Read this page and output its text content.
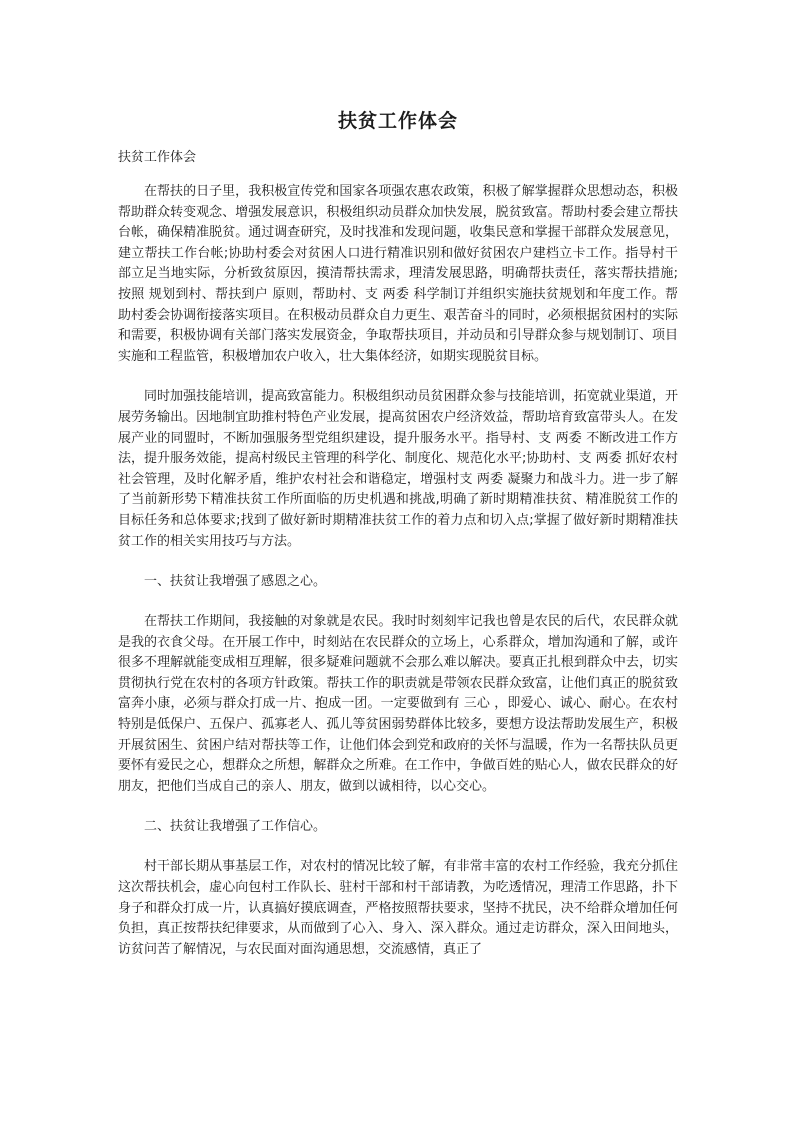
扶贫工作体会
扶贫工作体会

在帮扶的日子里，我积极宣传党和国家各项强农惠农政策，积极了解掌握群众思想动态，积极帮助群众转变观念、增强发展意识，积极组织动员群众加快发展，脱贫致富。帮助村委会建立帮扶台帐，确保精准脱贫。通过调查研究，及时找准和发现问题，收集民意和掌握干部群众发展意见，建立帮扶工作台帐;协助村委会对贫困人口进行精准识别和做好贫困农户建档立卡工作。指导村干部立足当地实际，分析致贫原因，摸清帮扶需求，理清发展思路，明确帮扶责任，落实帮扶措施;按照 规划到村、帮扶到户 原则，帮助村、支 两委 科学制订并组织实施扶贫规划和年度工作。帮助村委会协调衔接落实项目。在积极动员群众自力更生、艰苦奋斗的同时，必须根据贫困村的实际和需要，积极协调有关部门落实发展资金，争取帮扶项目，并动员和引导群众参与规划制订、项目实施和工程监管，积极增加农户收入，壮大集体经济，如期实现脱贫目标。

同时加强技能培训，提高致富能力。积极组织动员贫困群众参与技能培训，拓宽就业渠道，开展劳务输出。因地制宜助推村特色产业发展，提高贫困农户经济效益，帮助培育致富带头人。在发展产业的同盟时，不断加强服务型党组织建设，提升服务水平。指导村、支 两委 不断改进工作方法，提升服务效能，提高村级民主管理的科学化、制度化、规范化水平;协助村、支 两委 抓好农村社会管理，及时化解矛盾，维护农村社会和谐稳定，增强村支 两委 凝聚力和战斗力。进一步了解了当前新形势下精准扶贫工作所面临的历史机遇和挑战,明确了新时期精准扶贫、精准脱贫工作的目标任务和总体要求;找到了做好新时期精准扶贫工作的着力点和切入点;掌握了做好新时期精准扶贫工作的相关实用技巧与方法。

一、扶贫让我增强了感恩之心。

在帮扶工作期间，我接触的对象就是农民。我时时刻刻牢记我也曾是农民的后代，农民群众就是我的衣食父母。在开展工作中，时刻站在农民群众的立场上，心系群众，增加沟通和了解，或许很多不理解就能变成相互理解，很多疑难问题就不会那么难以解决。要真正扎根到群众中去，切实贯彻执行党在农村的各项方针政策。帮扶工作的职责就是带领农民群众致富，让他们真正的脱贫致富奔小康，必须与群众打成一片、抱成一团。一定要做到有 三心 ，即爱心、诚心、耐心。在农村特别是低保户、五保户、孤寡老人、孤儿等贫困弱势群体比较多，要想方设法帮助发展生产，积极开展贫困生、贫困户结对帮扶等工作，让他们体会到党和政府的关怀与温暖，作为一名帮扶队员更要怀有爱民之心，想群众之所想，解群众之所难。在工作中，争做百姓的贴心人，做农民群众的好朋友，把他们当成自己的亲人、朋友，做到以诚相待，以心交心。

二、扶贫让我增强了工作信心。

村干部长期从事基层工作，对农村的情况比较了解，有非常丰富的农村工作经验，我充分抓住这次帮扶机会，虚心向包村工作队长、驻村干部和村干部请教，为吃透情况，理清工作思路，扑下身子和群众打成一片，认真搞好摸底调查，严格按照帮扶要求，坚持不扰民，决不给群众增加任何负担，真正按帮扶纪律要求，从而做到了心入、身入、深入群众。通过走访群众，深入田间地头，访贫问苦了解情况，与农民面对面沟通思想，交流感情，真正了
